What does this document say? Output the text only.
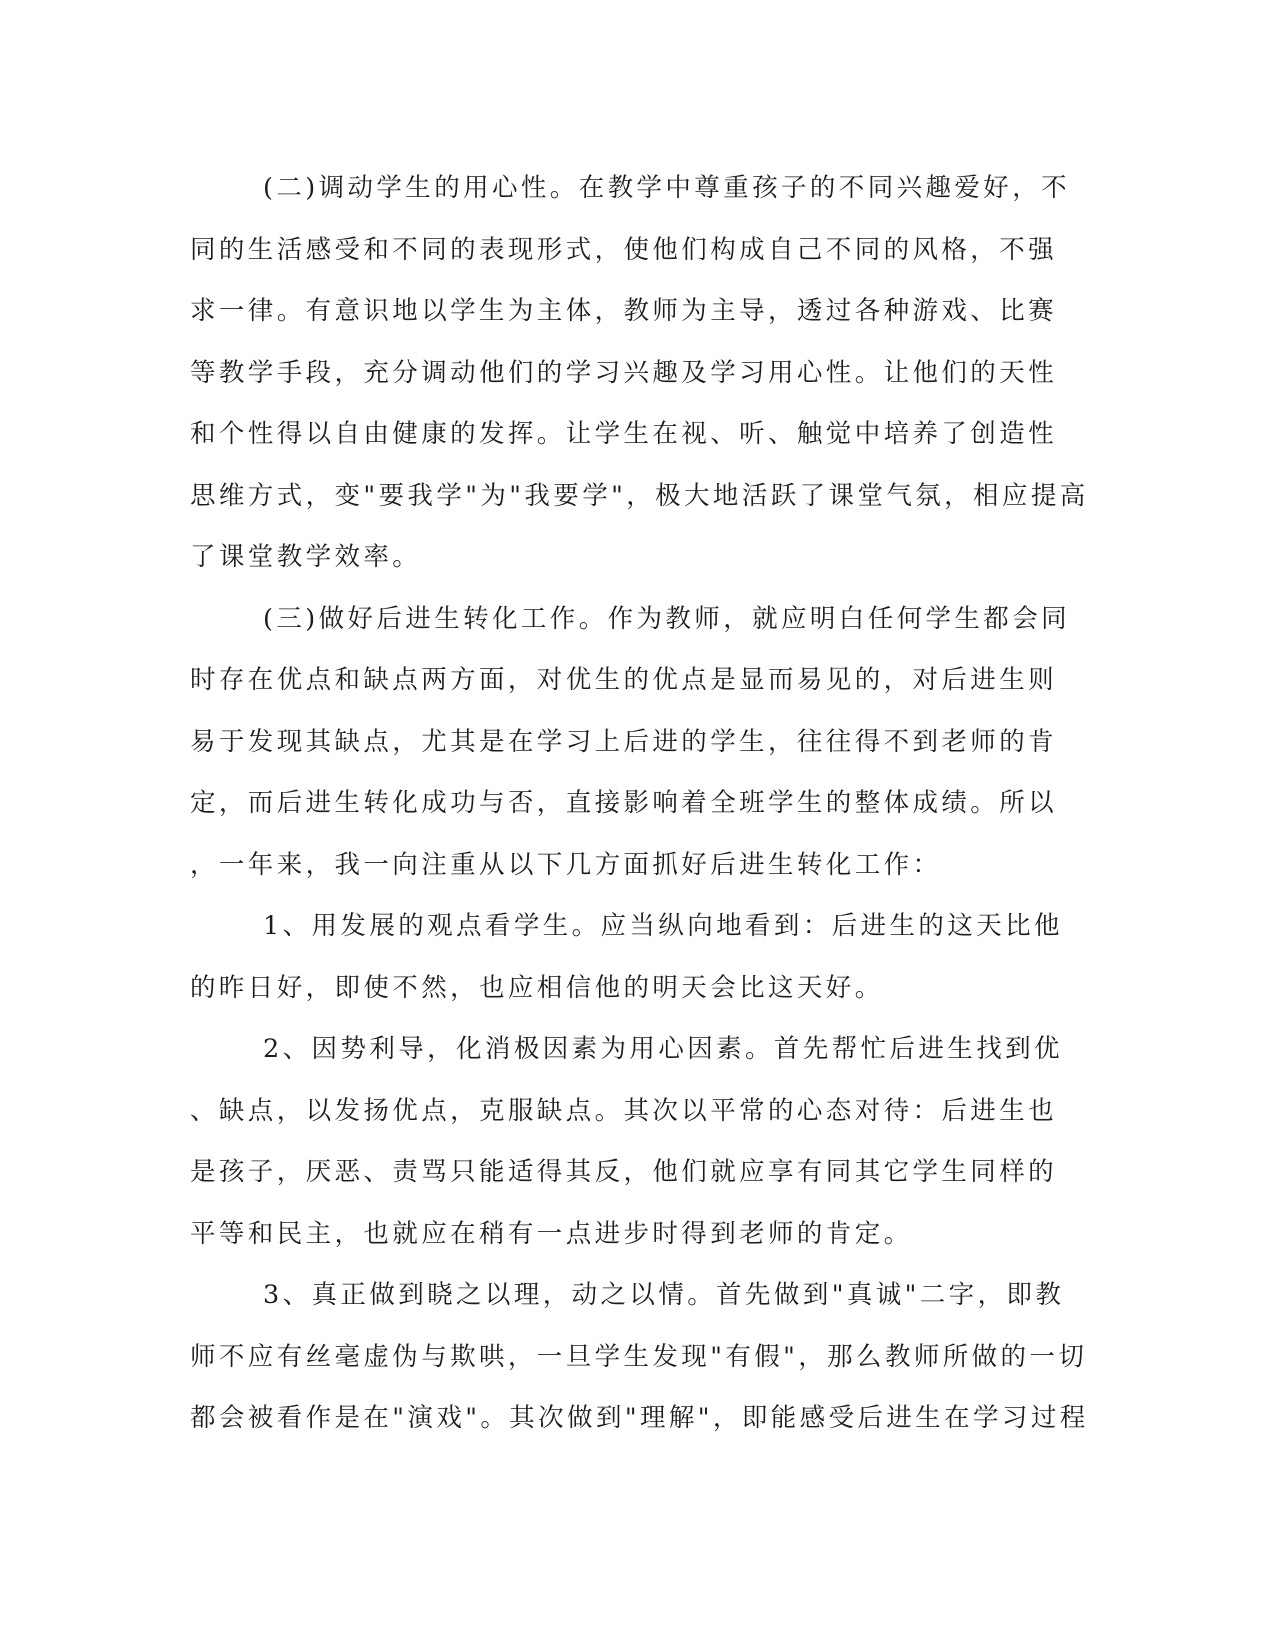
(二)调动学生的用心性。在教学中尊重孩子的不同兴趣爱好，不
同的生活感受和不同的表现形式，使他们构成自己不同的风格，不强
求一律。有意识地以学生为主体，教师为主导，透过各种游戏、比赛
等教学手段，充分调动他们的学习兴趣及学习用心性。让他们的天性
和个性得以自由健康的发挥。让学生在视、听、触觉中培养了创造性
思维方式，变"要我学"为"我要学"，极大地活跃了课堂气氛，相应提高
了课堂教学效率。
(三)做好后进生转化工作。作为教师，就应明白任何学生都会同
时存在优点和缺点两方面，对优生的优点是显而易见的，对后进生则
易于发现其缺点，尤其是在学习上后进的学生，往往得不到老师的肯
定，而后进生转化成功与否，直接影响着全班学生的整体成绩。所以
，一年来，我一向注重从以下几方面抓好后进生转化工作：
1、用发展的观点看学生。应当纵向地看到：后进生的这天比他
的昨日好，即使不然，也应相信他的明天会比这天好。
2、因势利导，化消极因素为用心因素。首先帮忙后进生找到优
、缺点，以发扬优点，克服缺点。其次以平常的心态对待：后进生也
是孩子，厌恶、责骂只能适得其反，他们就应享有同其它学生同样的
平等和民主，也就应在稍有一点进步时得到老师的肯定。
3、真正做到晓之以理，动之以情。首先做到"真诚"二字，即教
师不应有丝毫虚伪与欺哄，一旦学生发现"有假"，那么教师所做的一切
都会被看作是在"演戏"。其次做到"理解"，即能感受后进生在学习过程
